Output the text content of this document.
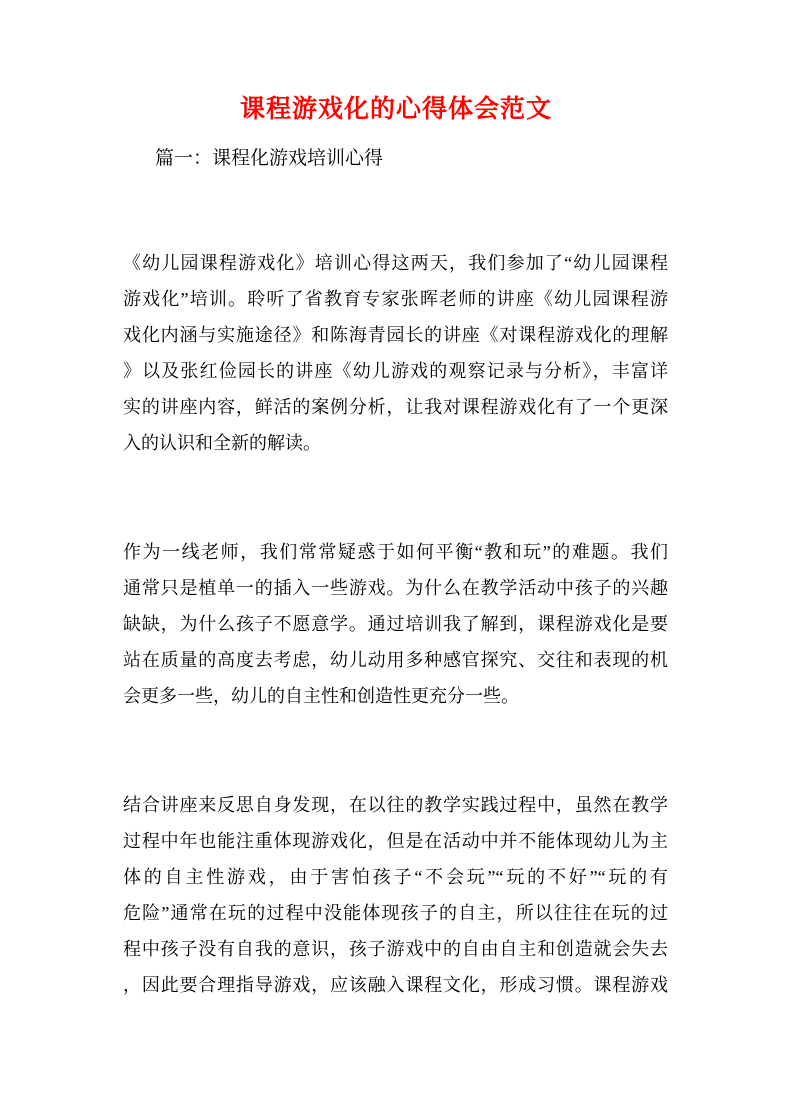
课程游戏化的心得体会范文

篇一：课程化游戏培训心得

《幼儿园课程游戏化》培训心得这两天，我们参加了“幼儿园课程
游戏化”培训。聆听了省教育专家张晖老师的讲座《幼儿园课程游
戏化内涵与实施途径》和陈海青园长的讲座《对课程游戏化的理解
》以及张红俭园长的讲座《幼儿游戏的观察记录与分析》，丰富详
实的讲座内容，鲜活的案例分析，让我对课程游戏化有了一个更深
入的认识和全新的解读。
作为一线老师，我们常常疑惑于如何平衡“教和玩”的难题。我们
通常只是植单一的插入一些游戏。为什么在教学活动中孩子的兴趣
缺缺，为什么孩子不愿意学。通过培训我了解到，课程游戏化是要
站在质量的高度去考虑，幼儿动用多种感官探究、交往和表现的机
会更多一些，幼儿的自主性和创造性更充分一些。
结合讲座来反思自身发现，在以往的教学实践过程中，虽然在教学
过程中年也能注重体现游戏化，但是在活动中并不能体现幼儿为主
体的自主性游戏，由于害怕孩子“不会玩”“玩的不好”“玩的有
危险”通常在玩的过程中没能体现孩子的自主，所以往往在玩的过
程中孩子没有自我的意识，孩子游戏中的自由自主和创造就会失去
，因此要合理指导游戏，应该融入课程文化，形成习惯。课程游戏
